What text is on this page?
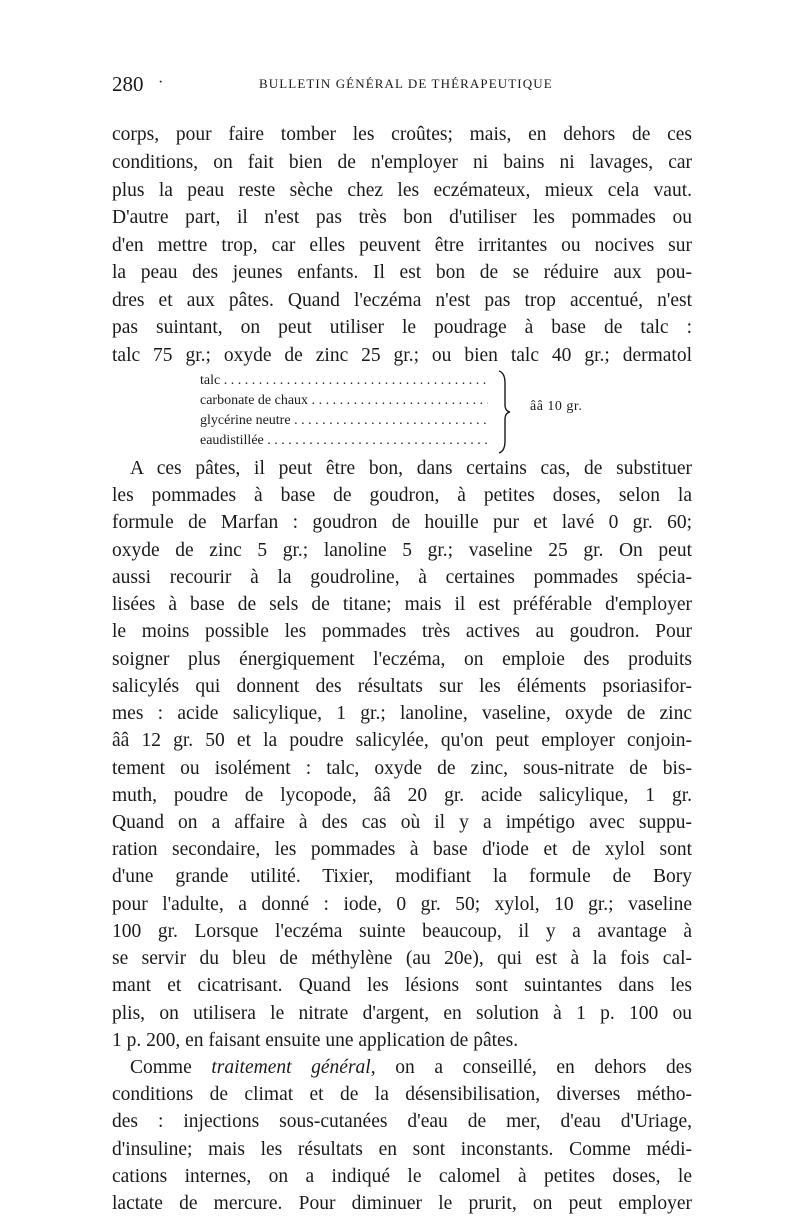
280 ·	BULLETIN GÉNÉRAL DE THÉRAPEUTIQUE
corps, pour faire tomber les croûtes; mais, en dehors de ces
conditions, on fait bien de n'employer ni bains ni lavages, car
plus la peau reste sèche chez les eczémateux, mieux cela vaut.
D'autre part, il n'est pas très bon d'utiliser les pommades ou
d'en mettre trop, car elles peuvent être irritantes ou nocives sur
la peau des jeunes enfants. Il est bon de se réduire aux pou-
dres et aux pâtes. Quand l'eczéma n'est pas trop accentué, n'est
pas suintant, on peut utiliser le poudrage à base de talc :
talc 75 gr.; oxyde de zinc 25 gr.; ou bien talc 40 gr.; dermatol
talc . . .
carbonate de chaux . . .
glycérine neutre . . .
eaudistillée . . .
ââ 10 gr.
A ces pâtes, il peut être bon, dans certains cas, de substituer
les pommades à base de goudron, à petites doses, selon la
formule de Marfan : goudron de houille pur et lavé 0 gr. 60;
oxyde de zinc 5 gr.; lanoline 5 gr.; vaseline 25 gr. On peut
aussi recourir à la goudroline, à certaines pommades spécia-
lisées à base de sels de titane; mais il est préférable d'employer
le moins possible les pommades très actives au goudron. Pour
soigner plus énergiquement l'eczéma, on emploie des produits
salicylés qui donnent des résultats sur les éléments psoriasifor-
mes : acide salicylique, 1 gr.; lanoline, vaseline, oxyde de zinc
ââ 12 gr. 50 et la poudre salicylée, qu'on peut employer conjoin-
tement ou isolément : talc, oxyde de zinc, sous-nitrate de bis-
muth, poudre de lycopode, ââ 20 gr. acide salicylique, 1 gr.
Quand on a affaire à des cas où il y a impétigo avec suppu-
ration secondaire, les pommades à base d'iode et de xylol sont
d'une grande utilité. Tixier, modifiant la formule de Bory
pour l'adulte, a donné : iode, 0 gr. 50; xylol, 10 gr.; vaseline
100 gr. Lorsque l'eczéma suinte beaucoup, il y a avantage à
se servir du bleu de méthylène (au 20e), qui est à la fois cal-
mant et cicatrisant. Quand les lésions sont suintantes dans les
plis, on utilisera le nitrate d'argent, en solution à 1 p. 100 ou
1 p. 200, en faisant ensuite une application de pâtes.
Comme traitement général, on a conseillé, en dehors des
conditions de climat et de la désensibilisation, diverses métho-
des : injections sous-cutanées d'eau de mer, d'eau d'Uriage,
d'insuline; mais les résultats en sont inconstants. Comme médi-
cations internes, on a indiqué le calomel à petites doses, le
lactate de mercure. Pour diminuer le prurit, on peut employer
